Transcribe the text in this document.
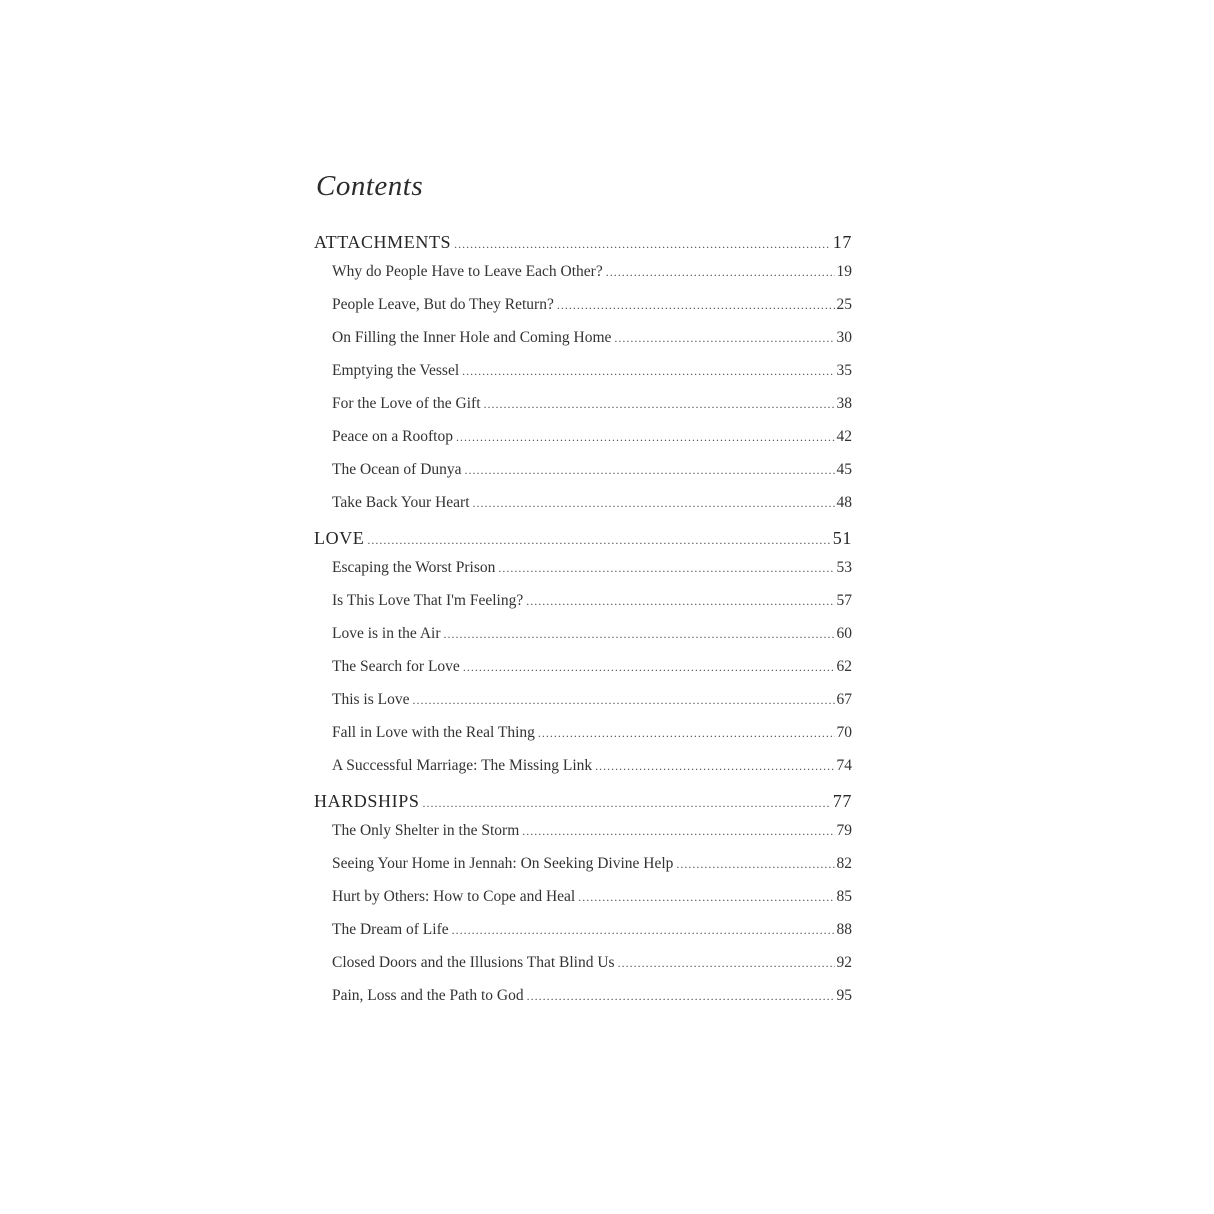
Contents
ATTACHMENTS .....	17
Why do People Have to Leave Each Other? .....	19
People Leave, But do They Return? .....	25
On Filling the Inner Hole and Coming Home .....	30
Emptying the Vessel .....	35
For the Love of the Gift .....	38
Peace on a Rooftop .....	42
The Ocean of Dunya .....	45
Take Back Your Heart .....	48
LOVE .....	51
Escaping the Worst Prison .....	53
Is This Love That I'm Feeling? .....	57
Love is in the Air .....	60
The Search for Love .....	62
This is Love .....	67
Fall in Love with the Real Thing .....	70
A Successful Marriage: The Missing Link .....	74
HARDSHIPS .....	77
The Only Shelter in the Storm .....	79
Seeing Your Home in Jennah: On Seeking Divine Help .....	82
Hurt by Others: How to Cope and Heal .....	85
The Dream of Life .....	88
Closed Doors and the Illusions That Blind Us .....	92
Pain, Loss and the Path to God .....	95
